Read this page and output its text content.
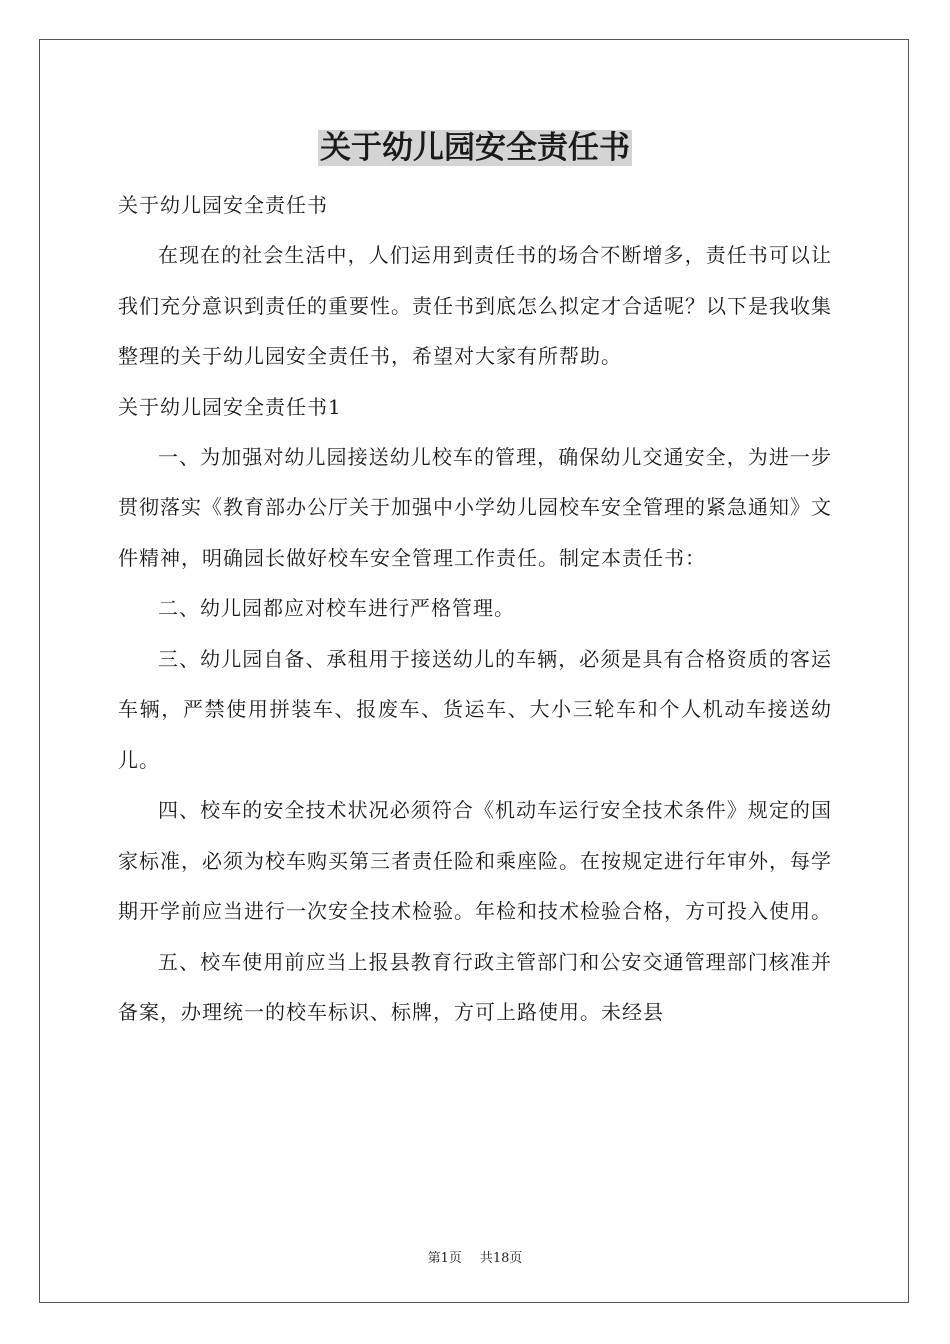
关于幼儿园安全责任书

关于幼儿园安全责任书

在现在的社会生活中，人们运用到责任书的场合不断增多，责任书可以让我们充分意识到责任的重要性。责任书到底怎么拟定才合适呢？以下是我收集整理的关于幼儿园安全责任书，希望对大家有所帮助。

关于幼儿园安全责任书1

一、为加强对幼儿园接送幼儿校车的管理，确保幼儿交通安全，为进一步贯彻落实《教育部办公厅关于加强中小学幼儿园校车安全管理的紧急通知》文件精神，明确园长做好校车安全管理工作责任。制定本责任书：

二、幼儿园都应对校车进行严格管理。

三、幼儿园自备、承租用于接送幼儿的车辆，必须是具有合格资质的客运车辆，严禁使用拼装车、报废车、货运车、大小三轮车和个人机动车接送幼儿。

四、校车的安全技术状况必须符合《机动车运行安全技术条件》规定的国家标准，必须为校车购买第三者责任险和乘座险。在按规定进行年审外，每学期开学前应当进行一次安全技术检验。年检和技术检验合格，方可投入使用。

五、校车使用前应当上报县教育行政主管部门和公安交通管理部门核准并备案，办理统一的校车标识、标牌，方可上路使用。未经县

第1页 共18页
